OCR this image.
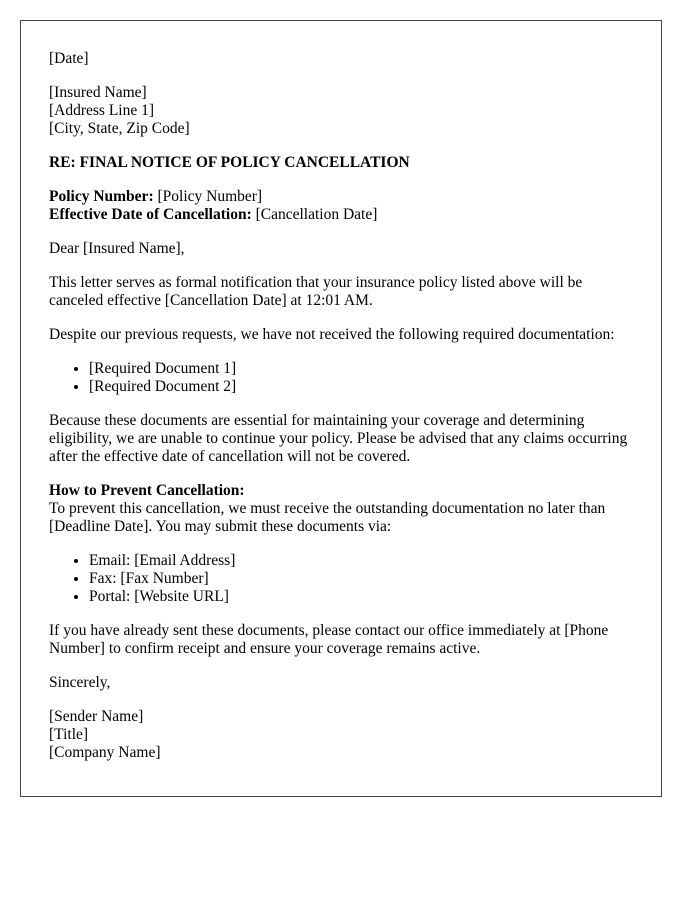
[Date]

[Insured Name]
[Address Line 1]
[City, State, Zip Code]

RE: FINAL NOTICE OF POLICY CANCELLATION

Policy Number: [Policy Number]
Effective Date of Cancellation: [Cancellation Date]

Dear [Insured Name],

This letter serves as formal notification that your insurance policy listed above will be canceled effective [Cancellation Date] at 12:01 AM.

Despite our previous requests, we have not received the following required documentation:

• [Required Document 1]
• [Required Document 2]

Because these documents are essential for maintaining your coverage and determining eligibility, we are unable to continue your policy. Please be advised that any claims occurring after the effective date of cancellation will not be covered.

How to Prevent Cancellation:
To prevent this cancellation, we must receive the outstanding documentation no later than [Deadline Date]. You may submit these documents via:

• Email: [Email Address]
• Fax: [Fax Number]
• Portal: [Website URL]

If you have already sent these documents, please contact our office immediately at [Phone Number] to confirm receipt and ensure your coverage remains active.

Sincerely,

[Sender Name]
[Title]
[Company Name]
